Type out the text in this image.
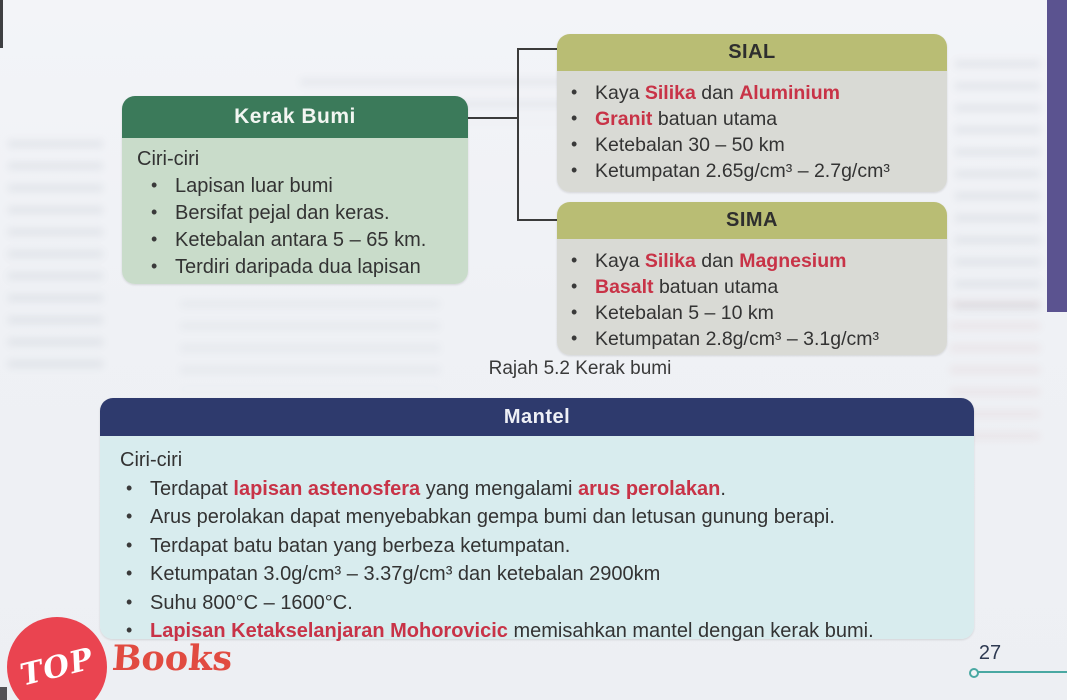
Kerak Bumi
Ciri-ciri
• Lapisan luar bumi
• Bersifat pejal dan keras.
• Ketebalan antara 5 – 65 km.
• Terdiri daripada dua lapisan
SIAL
• Kaya Silika dan Aluminium
• Granit batuan utama
• Ketebalan 30 – 50 km
• Ketumpatan 2.65g/cm³ – 2.7g/cm³
SIMA
• Kaya Silika dan Magnesium
• Basalt batuan utama
• Ketebalan 5 – 10 km
• Ketumpatan 2.8g/cm³ – 3.1g/cm³
Rajah 5.2 Kerak bumi
Mantel
Ciri-ciri
• Terdapat lapisan astenosfera yang mengalami arus perolakan.
• Arus perolakan dapat menyebabkan gempa bumi dan letusan gunung berapi.
• Terdapat batu batan yang berbeza ketumpatan.
• Ketumpatan 3.0g/cm³ – 3.37g/cm³ dan ketebalan 2900km
• Suhu 800°C – 1600°C.
• Lapisan Ketakselanjaran Mohorovicic memisahkan mantel dengan kerak bumi.
TOP Books	27
